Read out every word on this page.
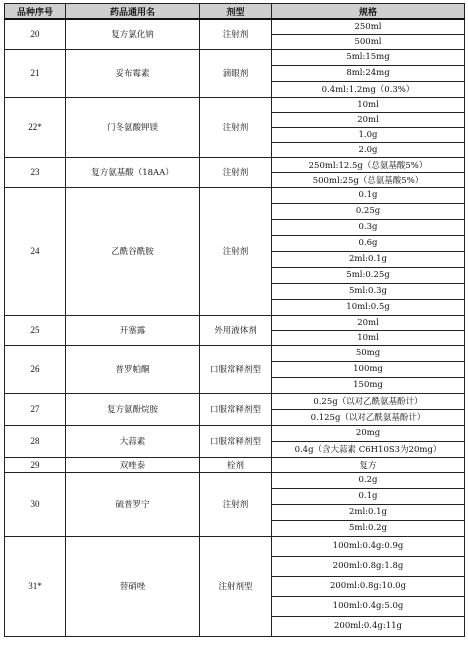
品种序号	药品通用名	剂型	规格
20	复方氯化钠	注射剂	250ml
			500ml
21	妥布霉素	滴眼剂	5ml:15mg
			8ml:24mg
			0.4ml:1.2mg（0.3%）
22*	门冬氨酸钾镁	注射剂	10ml
			20ml
			1.0g
			2.0g
23	复方氨基酸（18AA）	注射剂	250ml:12.5g（总氨基酸5%）
			500ml:25g（总氨基酸5%）
24	乙酰谷酰胺	注射剂	0.1g
			0.25g
			0.3g
			0.6g
			2ml:0.1g
			5ml:0.25g
			5ml:0.3g
			10ml:0.5g
25	开塞露	外用液体剂	20ml
			10ml
26	普罗帕酮	口服常释剂型	50mg
			100mg
			150mg
27	复方氨酚烷胺	口服常释剂型	0.25g（以对乙酰氨基酚计）
			0.125g（以对乙酰氨基酚计）
28	大蒜素	口服常释剂型	20mg
			0.4g（含大蒜素 C6H10S3为20mg）
29	双唑泰	栓剂	复方
30	硫普罗宁	注射剂	0.2g
			0.1g
			2ml:0.1g
			5ml:0.2g
31*	替硝唑	注射剂型	100ml:0.4g:0.9g
			200ml:0.8g:1.8g
			200ml:0.8g:10.0g
			100ml:0.4g:5.0g
			200ml:0.4g:11g
